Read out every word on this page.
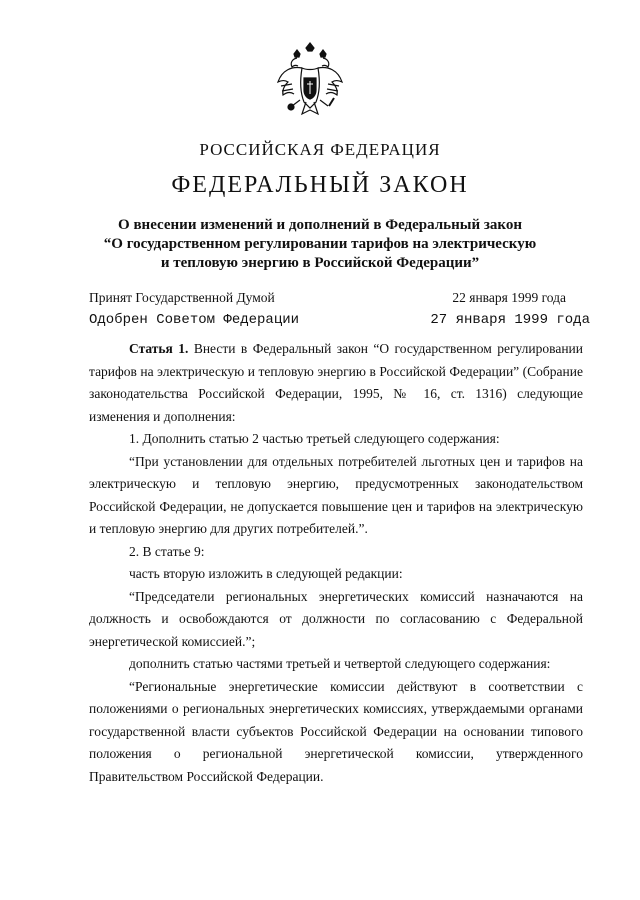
РОССИЙСКАЯ ФЕДЕРАЦИЯ
ФЕДЕРАЛЬНЫЙ ЗАКОН
О внесении изменений и дополнений в Федеральный закон
“О государственном регулировании тарифов на электрическую
и тепловую энергию в Российской Федерации”
Принят Государственной Думой	22 января 1999 года
Одобрен Советом Федерации	27 января 1999 года

Статья 1. Внести в Федеральный закон “О государственном регулировании тарифов на электрическую и тепловую энергию в Российской Федерации” (Собрание законодательства Российской Федерации, 1995, № 16, ст. 1316) следующие изменения и дополнения:

1. Дополнить статью 2 частью третьей следующего содержания:

“При установлении для отдельных потребителей льготных цен и тарифов на электрическую и тепловую энергию, предусмотренных законодательством Российской Федерации, не допускается повышение цен и тарифов на электрическую и тепловую энергию для других потребителей.”.

2. В статье 9:

часть вторую изложить в следующей редакции:

“Председатели региональных энергетических комиссий назначаются на должность и освобождаются от должности по согласованию с Федеральной энергетической комиссией.”;

дополнить статью частями третьей и четвертой следующего содержания:

“Региональные энергетические комиссии действуют в соответствии с положениями о региональных энергетических комиссиях, утверждаемыми органами государственной власти субъектов Российской Федерации на основании типового положения о региональной энергетической комиссии, утвержденного Правительством Российской Федерации.
